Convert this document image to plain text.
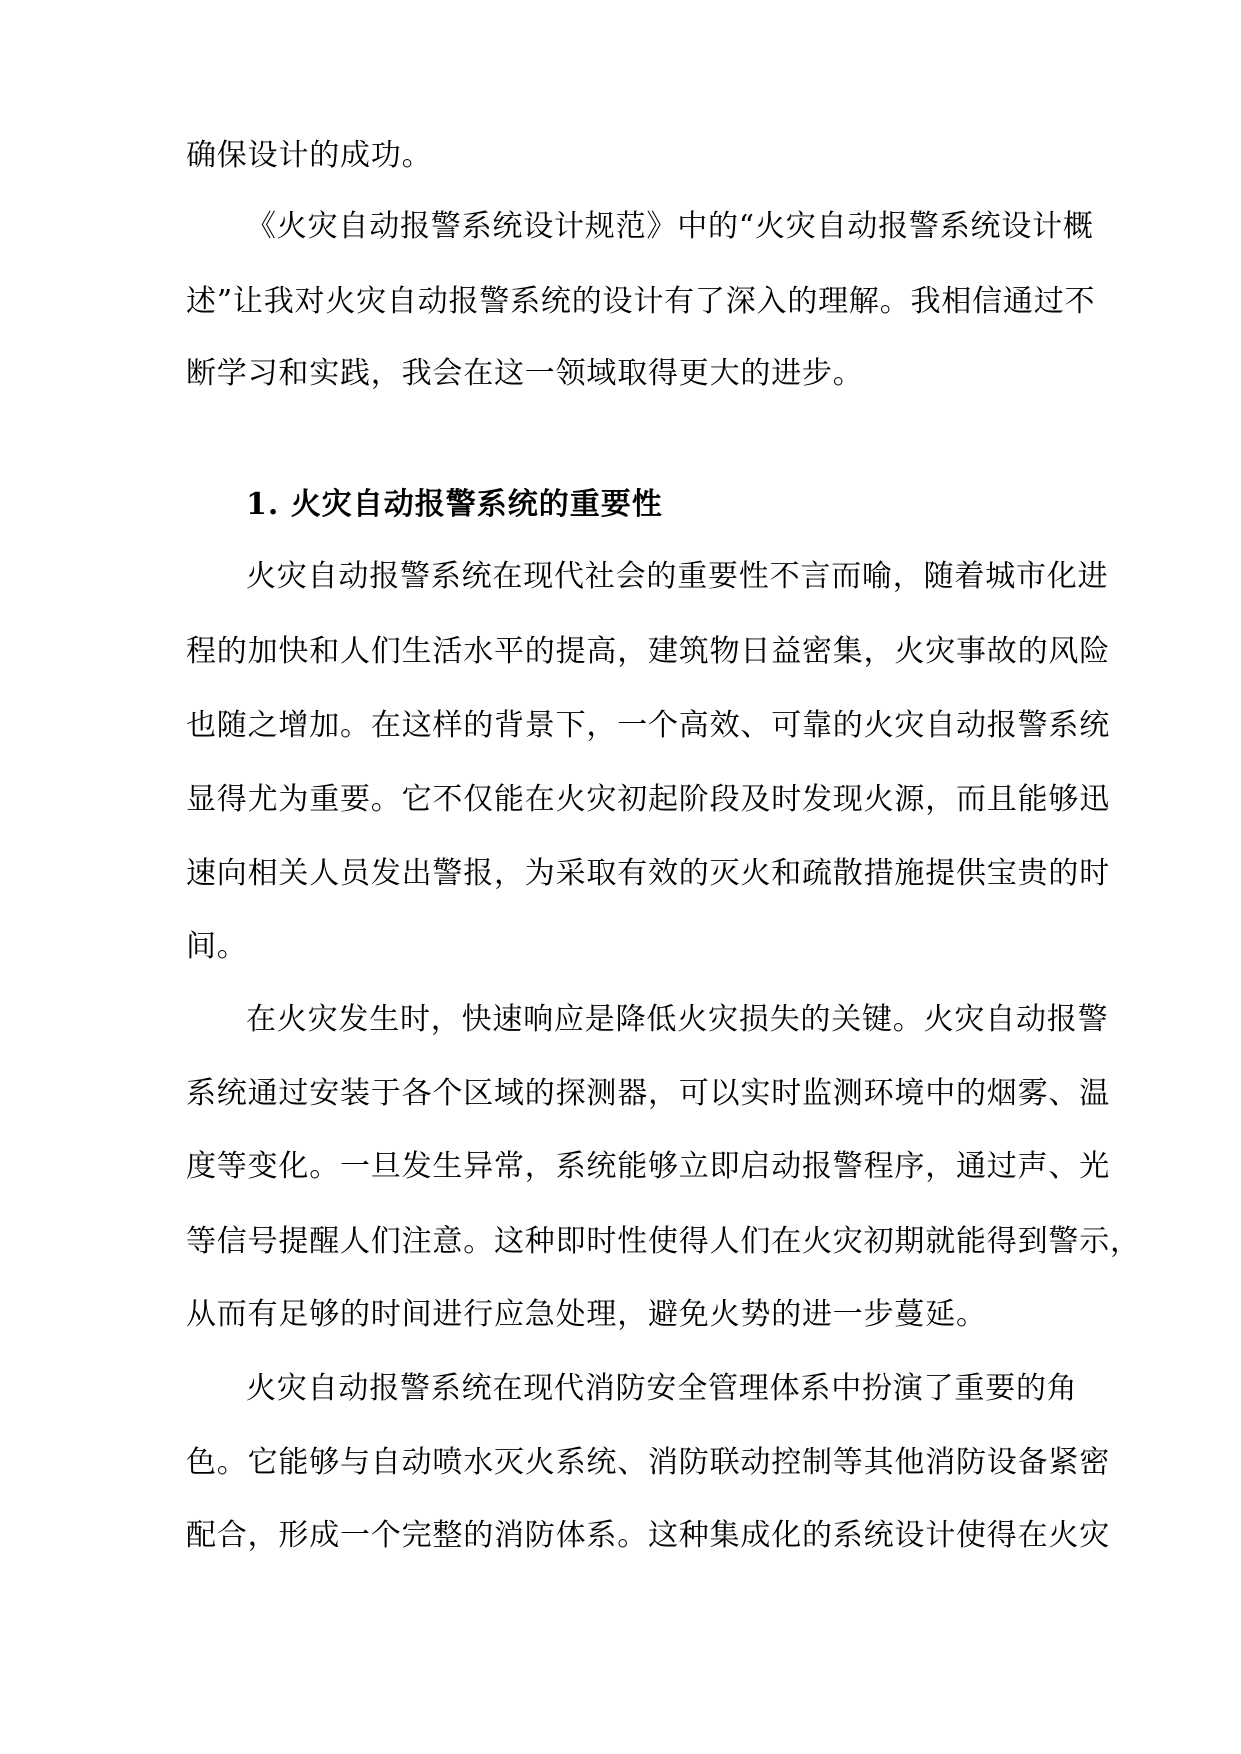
确保设计的成功。
《火灾自动报警系统设计规范》中的“火灾自动报警系统设计概
述”让我对火灾自动报警系统的设计有了深入的理解。我相信通过不
断学习和实践，我会在这一领域取得更大的进步。
1. 火灾自动报警系统的重要性
火灾自动报警系统在现代社会的重要性不言而喻，随着城市化进
程的加快和人们生活水平的提高，建筑物日益密集，火灾事故的风险
也随之增加。在这样的背景下，一个高效、可靠的火灾自动报警系统
显得尤为重要。它不仅能在火灾初起阶段及时发现火源，而且能够迅
速向相关人员发出警报，为采取有效的灭火和疏散措施提供宝贵的时
间。
在火灾发生时，快速响应是降低火灾损失的关键。火灾自动报警
系统通过安装于各个区域的探测器，可以实时监测环境中的烟雾、温
度等变化。一旦发生异常，系统能够立即启动报警程序，通过声、光
等信号提醒人们注意。这种即时性使得人们在火灾初期就能得到警示，
从而有足够的时间进行应急处理，避免火势的进一步蔓延。
火灾自动报警系统在现代消防安全管理体系中扮演了重要的角
色。它能够与自动喷水灭火系统、消防联动控制等其他消防设备紧密
配合，形成一个完整的消防体系。这种集成化的系统设计使得在火灾
